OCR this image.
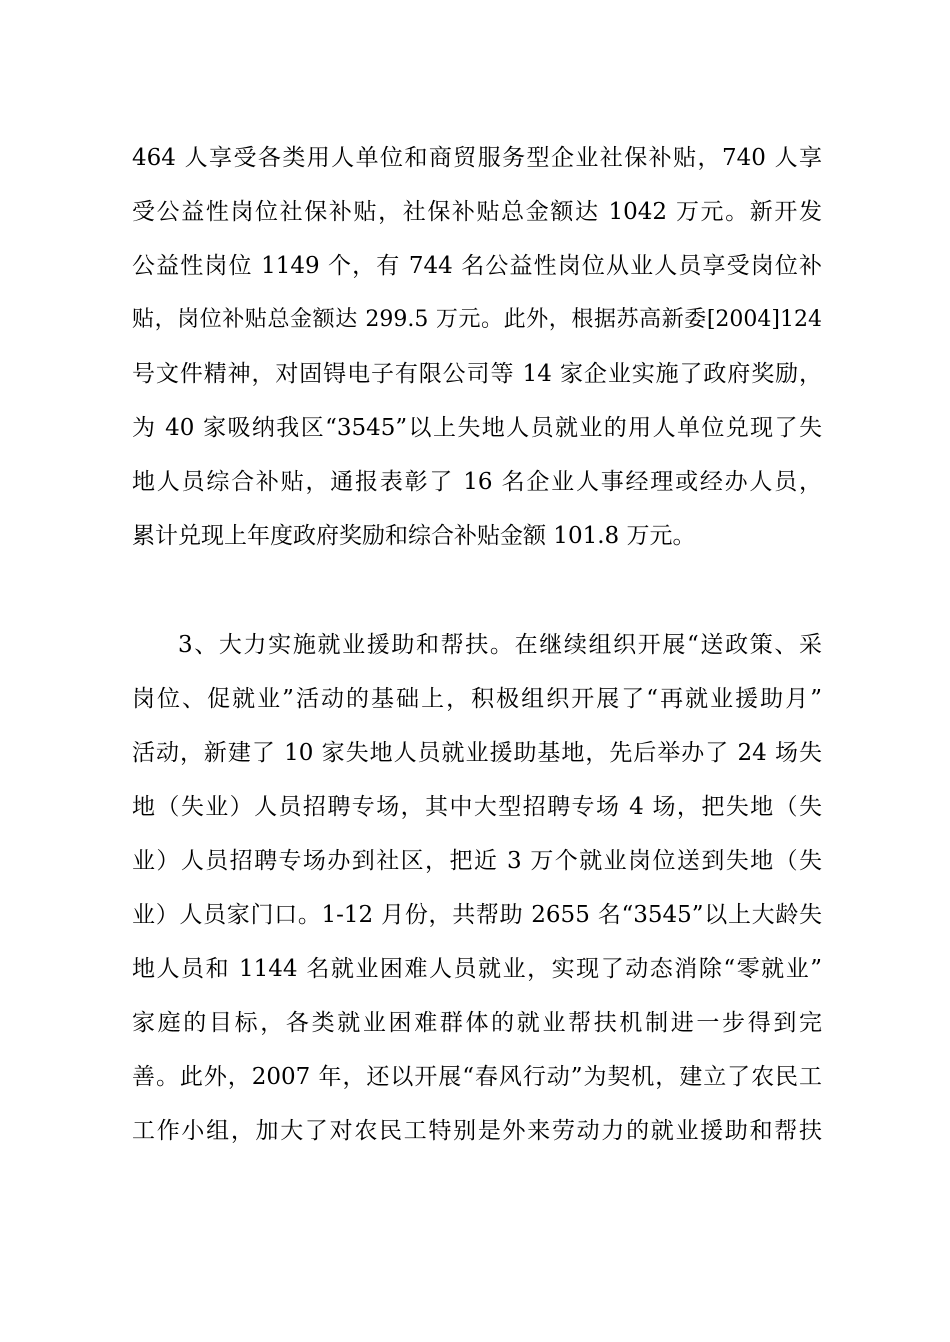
464 人享受各类用人单位和商贸服务型企业社保补贴，740 人享
受公益性岗位社保补贴，社保补贴总金额达 1042 万元。新开发
公益性岗位 1149 个，有 744 名公益性岗位从业人员享受岗位补
贴，岗位补贴总金额达 299.5 万元。此外，根据苏高新委[2004]124
号文件精神，对固锝电子有限公司等 14 家企业实施了政府奖励，
为 40 家吸纳我区“3545”以上失地人员就业的用人单位兑现了失
地人员综合补贴，通报表彰了 16 名企业人事经理或经办人员，
累计兑现上年度政府奖励和综合补贴金额 101.8 万元。
3、大力实施就业援助和帮扶。在继续组织开展“送政策、采
岗位、促就业”活动的基础上，积极组织开展了“再就业援助月”
活动，新建了 10 家失地人员就业援助基地，先后举办了 24 场失
地（失业）人员招聘专场，其中大型招聘专场 4 场，把失地（失
业）人员招聘专场办到社区，把近 3 万个就业岗位送到失地（失
业）人员家门口。1-12 月份，共帮助 2655 名“3545”以上大龄失
地人员和 1144 名就业困难人员就业，实现了动态消除“零就业”
家庭的目标，各类就业困难群体的就业帮扶机制进一步得到完
善。此外，2007 年，还以开展“春风行动”为契机，建立了农民工
工作小组，加大了对农民工特别是外来劳动力的就业援助和帮扶
